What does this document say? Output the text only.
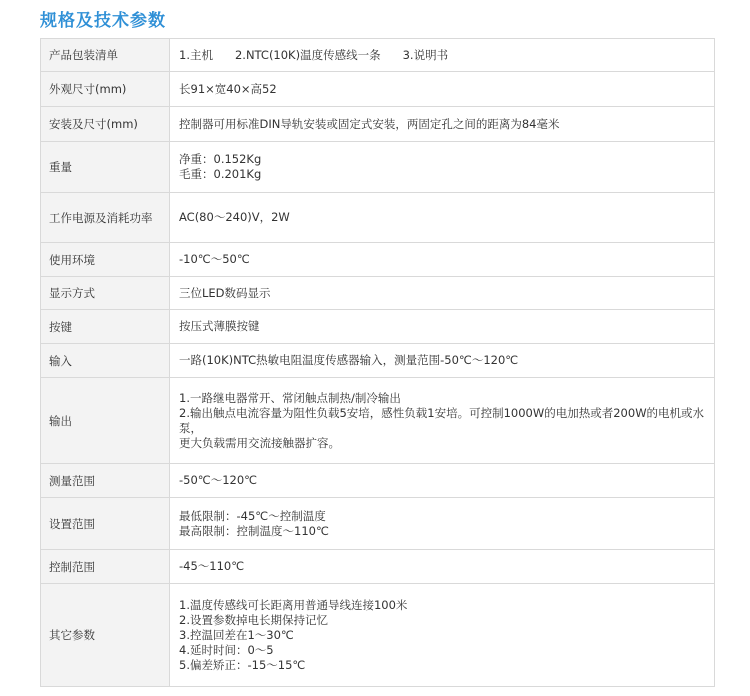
规格及技术参数
产品包装清单	1.主机 2.NTC(10K)温度传感线一条 3.说明书
外观尺寸(mm)	长91×宽40×高52

安装及尺寸(mm)	控制器可用标准DIN导轨安装或固定式安装，两固定孔之间的距离为84毫米

重量	净重：0.152Kg
毛重：0.201Kg

工作电源及消耗功率	AC(80～240)V，2W

使用环境	-10℃～50℃

显示方式	三位LED数码显示

按键	按压式薄膜按键

输入	一路(10K)NTC热敏电阻温度传感器输入，测量范围-50℃～120℃

输出	1.一路继电器常开、常闭触点制热/制冷输出
2.输出触点电流容量为阻性负载5安培，感性负载1安培。可控制1000W的电加热或者200W的电机或水泵，
更大负载需用交流接触器扩容。

测量范围	-50℃～120℃

设置范围	最低限制：-45℃～控制温度
最高限制：控制温度～110℃

控制范围	-45～110℃

其它参数	1.温度传感线可长距离用普通导线连接100米
2.设置参数掉电长期保持记忆
3.控温回差在1～30℃
4.延时时间：0～5
5.偏差矫正：-15～15℃
